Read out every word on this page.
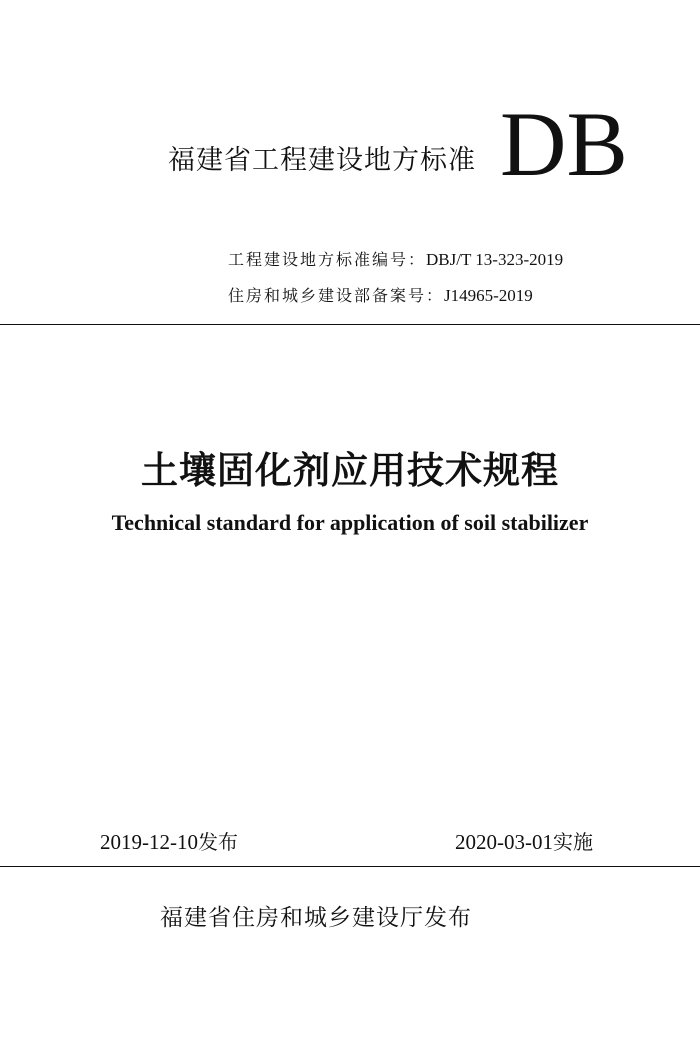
福建省工程建设地方标准 DB
工程建设地方标准编号：DBJ/T 13-323-2019
住房和城乡建设部备案号：J14965-2019
土壤固化剂应用技术规程
Technical standard for application of soil stabilizer
2019-12-10发布	2020-03-01实施
福建省住房和城乡建设厅发布
